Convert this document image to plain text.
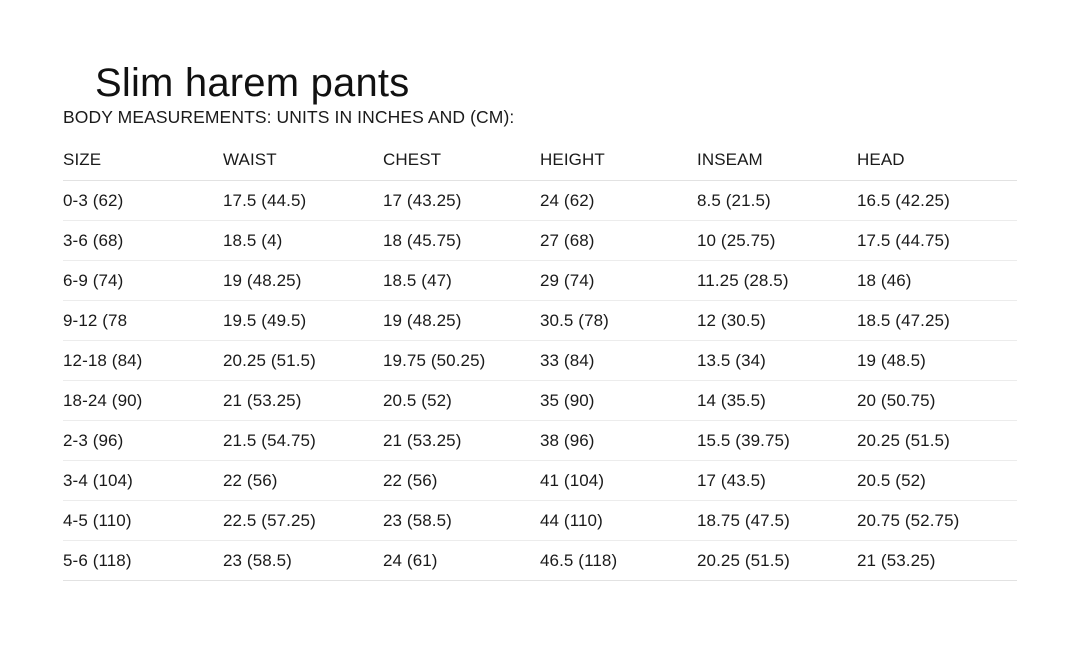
Slim harem pants
BODY MEASUREMENTS: UNITS IN INCHES AND (CM):
SIZE	WAIST	CHEST	HEIGHT	INSEAM	HEAD
0-3 (62)	17.5 (44.5)	17 (43.25)	24 (62)	8.5 (21.5)	16.5 (42.25)
3-6 (68)	18.5 (4)	18 (45.75)	27 (68)	10 (25.75)	17.5 (44.75)
6-9 (74)	19 (48.25)	18.5 (47)	29 (74)	11.25 (28.5)	18 (46)
9-12 (78	19.5 (49.5)	19 (48.25)	30.5 (78)	12 (30.5)	18.5 (47.25)
12-18 (84)	20.25 (51.5)	19.75 (50.25)	33 (84)	13.5 (34)	19 (48.5)
18-24 (90)	21 (53.25)	20.5 (52)	35 (90)	14 (35.5)	20 (50.75)
2-3 (96)	21.5 (54.75)	21 (53.25)	38 (96)	15.5 (39.75)	20.25 (51.5)
3-4 (104)	22 (56)	22 (56)	41 (104)	17 (43.5)	20.5 (52)
4-5 (110)	22.5 (57.25)	23 (58.5)	44 (110)	18.75 (47.5)	20.75 (52.75)
5-6 (118)	23 (58.5)	24 (61)	46.5 (118)	20.25 (51.5)	21 (53.25)
